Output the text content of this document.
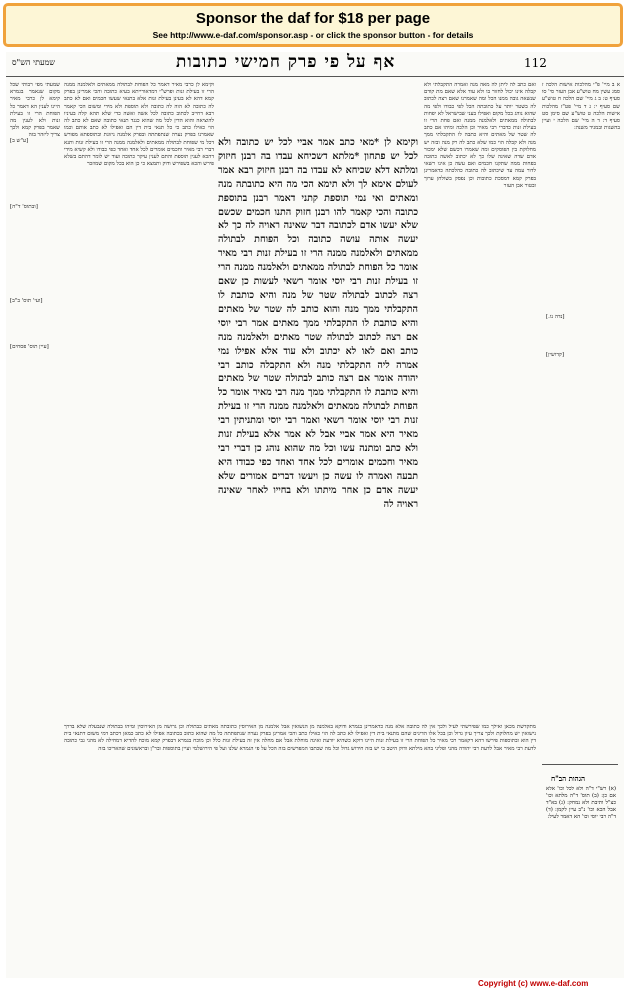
Sponsor the daf for $18 per page
See http://www.e-daf.com/sponsor.asp - or click the sponsor button - for details
שמעתי הש"ס	אף על פי פרק חמישי כתובות	112
שמעתי מפי רבותי שכל מקום שנאמר בגמרא קימא לן כרבי מאיר היינו לענין הא דאמר כל הפוחת הרי זו בעילת זנות ולא לענין מה שאמר בפרק קמא ולכך צריך ליזהר בזה
[ע"ש ב]
[ובתוס' ד"ה]
[ועי' תוס' ב"ב]
[עיין תוס' פסחים]
וקימא לן כרבי מאיר דאמר כל הפוחת לבתולה ממאתים ולאלמנה ממנה הרי זו בעילת זנות ופרש"י דמדאורייתא בעיא כתובה והכי אמרינן בפרק קמא דהא לא בעינן בעילת זנות אלא בתנאי שעשו חכמים ואם לא כתב לה כתובה לא הוה לה כתובה ולא תוספת ולא מידי ומשום הכי קאמר רבא דחייב לכתוב כתובה לכל אשה ואשה כדי שלא תהא קלה בעיניו להוציאה והוא הדין לכל מה שהוא כנגד תנאי כתובה שאם לא כתב לה הוי כאילו כתב כי כל תנאי בית דין הם ואפילו לא כתב אותם וכמו שאמרנו בפרק נערה שנתפתתה ובפרק אלמנה ניזונת ובתוספתא מפורש דכל מי שפוחת לבתולה ממאתים ולאלמנה ממנה הרי זו בעילת זנות ותנא דברי רבי מאיר וחכמים אומרים לכל אחד ואחד כפי כבודו ולא קשיא מידי דהכא לענין תוספת והתם לענין עיקר כתובה ועוד יש לומר דהתם בשלא פירש והכא בשפירש ודוק ותמצא כי כן הוא בכל מקום שמוזכר
וקימא לן *מאי כתב אמר אביי לכל יש כתובה ולא לכל יש פתחון *מלתא דשכיחא עבדו בה רבנן חיזוק ומלתא דלא שכיחא לא עבדו בה רבנן חיזוק רבא אמר לעולם אימא לך ולא תימא הכי מה היא כתובתה מנה ומאתים ואי נמי תוספת קתני דאמר רבנן בתוספת כתובה והכי קאמר להו רבנן חזוק התנו חכמים שכשם שלא יעשו אדם לכתובה דבר שאינה ראויה לה כך לא יעשה אותה עושה כתובה וכל הפוחת לבתולה ממאתים ולאלמנה ממנה הרי זו בעילת זנות רבי מאיר אומר כל הפוחת לבתולה ממאתים ולאלמנה ממנה הרי זו בעילת זנות רבי יוסי אומר רשאי לעשות כן שאם רצה לכתוב לבתולה שטר של מנה והיא כותבת לו התקבלתי ממך מנה והוא כותב לה שטר של מאתים והיא כותבת לו התקבלתי ממך מאתים אמר רבי יוסי אם רצה לכתוב לבתולה שטר מאתים ולאלמנה מנה כותב ואם לאו לא יכתוב ולא עוד אלא אפילו נמי אמרה ליה התקבלתי מנה ולא התקבלה כותב רבי יהודה אומר אם רצה כותב לבתולה שטר של מאתים והיא כותבת לו התקבלתי ממך מנה רבי מאיר אומר כל הפוחת לבתולה ממאתים ולאלמנה ממנה הרי זו בעילת זנות רבי יוסי אומר רשאי ואמר רבי יוסי ומתניתין רבי מאיר היא אמר אביי אבל לא אמר אלא בעילת זנות ולא כתב ומתנה עשו וכל מה שהוא נוהג כן דברי רבי מאיר וחכמים אומרים לכל אחד ואחד כפי כבודו היא תבעה ואמרה לו עשה כן ויעשו דברים אמורים שלא יעשה אדם כן אחר מיתתו ולא בחייו לאחר שאינה ראויה לה
ואם כתב לה ליתן לה מאה מנה ואמרה התקבלתי ולא קבלה אינו יכול לחזור בו ולא עוד אלא שאם מת קודם שנשאה גובה ממנו הכל ומה שאמרנו שאם רצה לכתוב לה בשטר יותר על כתובתה הכל לפי כבודו ולפי מה שהוא נוהג בכל מקום ואפילו בעני שבישראל לא יפחות לבתולה ממאתים ולאלמנה ממנה ואם פחת הרי זו בעילת זנות כדברי רבי מאיר וכן הלכה ומיהו אם כתב לה שטר של מאתים והיא כתבה לו התקבלתי ממך מנה ולא קבלה הוי כמו שלא כתב לה רק מנה ובזה יש מחלוקת בין הפוסקים ומה שאמרו דכשם שלא ימכור אדם שדה שאינה שלו כך לא יכתוב לאשה כתובה בפחות ממה שתקנו חכמים ואם עשה כן אינו רשאי לדור עמה עד שיכתוב לה כתובה כהלכתה כדאמרינן בפרק קמא דמסכת כתובות וכן נפסק בשולחן ערוך ובטור אבן העזר
א ב מיי' פ"י מהלכות אישות הלכה ז סמג עשין מח טוש"ע אבן העזר סי' סו סעיף ט: ב ג מיי' שם הלכה ח טוש"ע שם סעיף י: ג ד מיי' פט"ז מהלכות אישות הלכה ט טוש"ע שם סימן סט סעיף ד: ד ה מיי' שם הלכה י ועיין בהשגות ובמגיד משנה:
[נדה נו.]
[קדושין]
הגהות הב"ח
(א) רש"י ד"ה ולא לכל וכו' אלא אם כן: (ב) תוס' ד"ה מלתא וכו' כצ"ל ותיבת ולא נמחק: (ג) בא"ד אבל הכא וכו' נ"ב עיין לקמן: (ד) ד"ה רבי יוסי וכו' הא דאמר לעיל:
מתקדשת מכאן ואילך כמו שפירשתי לעיל ולכך אין לה כתובה אלא מנה כדאמרינן בגמרא ודוקא באלמנה מן הנשואין אבל אלמנה מן האירוסין כתובתה מאתים כבתולה וכן גרושה מן האירוסין ומיהו בבתולה שנבעלה שלא בדרך נישואין יש מחלוקת ולכך צריך עיון גדול וכן בכל אלו הדינים שהם מתנאי בית דין ואפילו לא כתב לה הוי כאילו כתב והכי אמרינן בפרק נערה שנתפתתה כל מה שהוא כתוב בכתובה אפילו לא כתב כמאן דכתב דמי משום דתנאי בית דין הוא ובתוספות פירשו דהא דקאמר רבי מאיר כל הפוחת הרי זו בעילת זנות היינו דוקא כשהיא יודעת ואינה מוחלת אבל אם מחלה אין זה בעילת זנות כלל וכן מוכח בגמרא דבפרק קמא מוכח להדיא דמחילה לא מהני גבי כתובה לדעת רבי מאיר אבל לדעת רבי יהודה מהני ופליגי בהא מילתא ודוק היטב כי יש בזה חידוש גדול וכל מה שכתבו המפרשים בזה הכל על פי הגמרא שלנו ועל פי הירושלמי ועיין בתוספות ובר"ן ובראשונים שהאריכו בזה
Copyright (c) www.e-daf.com
